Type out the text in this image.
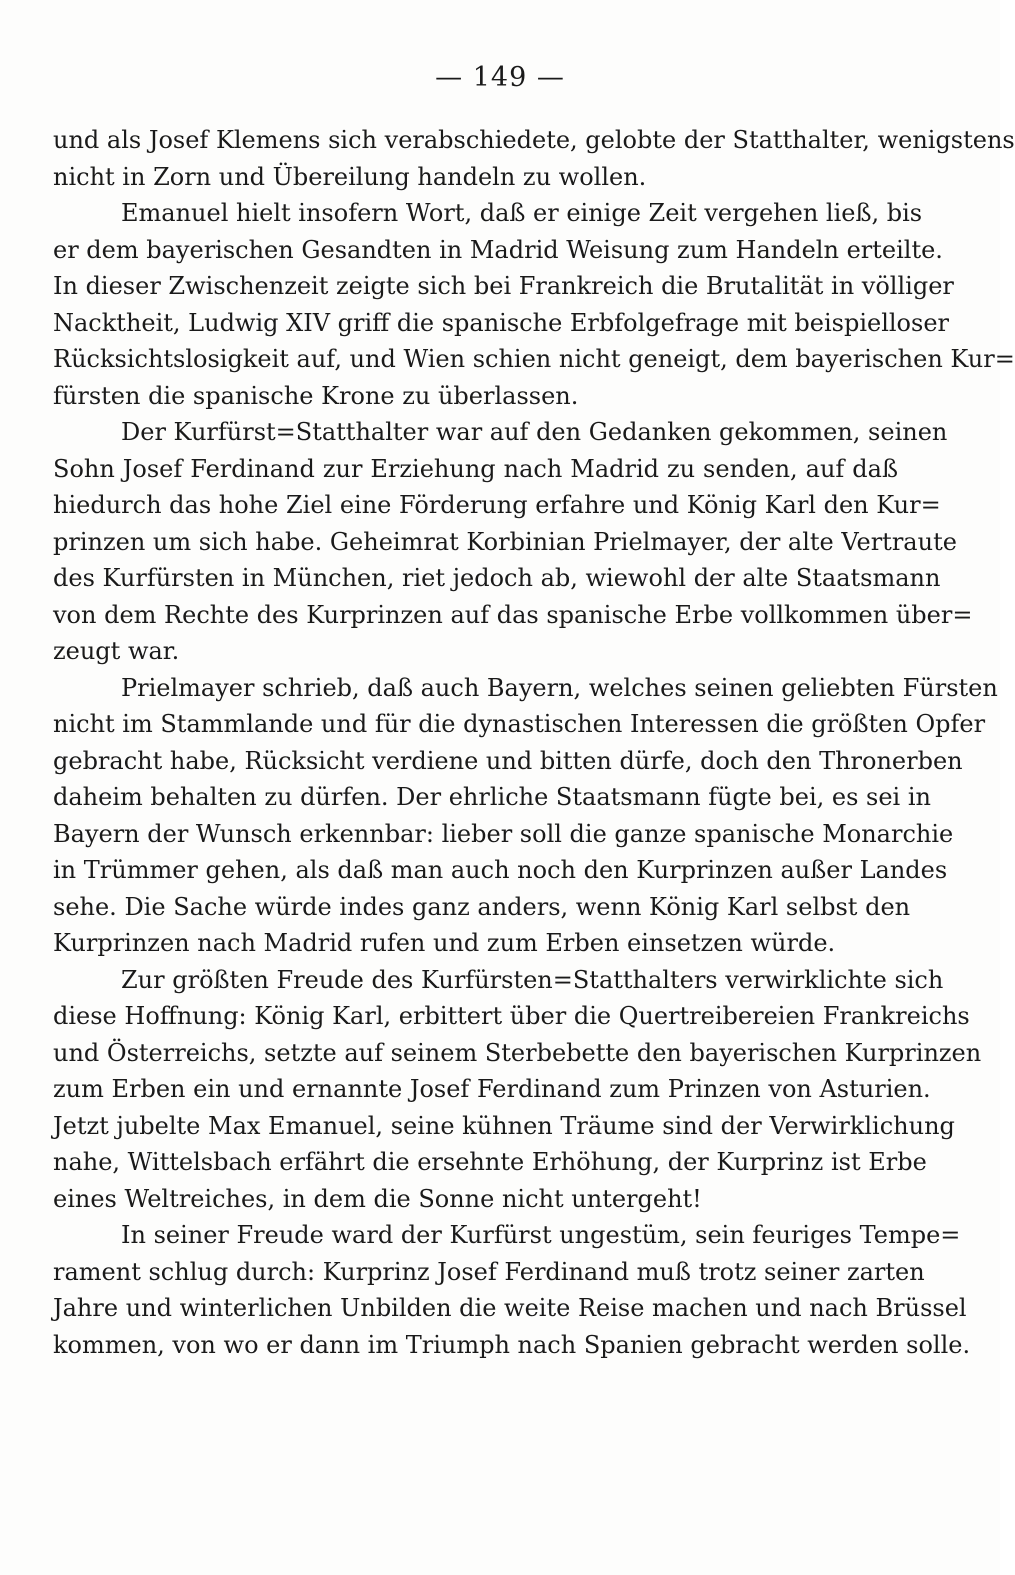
— 149 —
und als Josef Klemens sich verabschiedete, gelobte der Statthalter, wenigstens
nicht in Zorn und Übereilung handeln zu wollen.
Emanuel hielt insofern Wort, daß er einige Zeit vergehen ließ, bis
er dem bayerischen Gesandten in Madrid Weisung zum Handeln erteilte.
In dieser Zwischenzeit zeigte sich bei Frankreich die Brutalität in völliger
Nacktheit, Ludwig XIV griff die spanische Erbfolgefrage mit beispielloser
Rücksichtslosigkeit auf, und Wien schien nicht geneigt, dem bayerischen Kur=
fürsten die spanische Krone zu überlassen.
Der Kurfürst=Statthalter war auf den Gedanken gekommen, seinen
Sohn Josef Ferdinand zur Erziehung nach Madrid zu senden, auf daß
hiedurch das hohe Ziel eine Förderung erfahre und König Karl den Kur=
prinzen um sich habe. Geheimrat Korbinian Prielmayer, der alte Vertraute
des Kurfürsten in München, riet jedoch ab, wiewohl der alte Staatsmann
von dem Rechte des Kurprinzen auf das spanische Erbe vollkommen über=
zeugt war.
Prielmayer schrieb, daß auch Bayern, welches seinen geliebten Fürsten
nicht im Stammlande und für die dynastischen Interessen die größten Opfer
gebracht habe, Rücksicht verdiene und bitten dürfe, doch den Thronerben
daheim behalten zu dürfen. Der ehrliche Staatsmann fügte bei, es sei in
Bayern der Wunsch erkennbar: lieber soll die ganze spanische Monarchie
in Trümmer gehen, als daß man auch noch den Kurprinzen außer Landes
sehe. Die Sache würde indes ganz anders, wenn König Karl selbst den
Kurprinzen nach Madrid rufen und zum Erben einsetzen würde.
Zur größten Freude des Kurfürsten=Statthalters verwirklichte sich
diese Hoffnung: König Karl, erbittert über die Quertreibereien Frankreichs
und Österreichs, setzte auf seinem Sterbebette den bayerischen Kurprinzen
zum Erben ein und ernannte Josef Ferdinand zum Prinzen von Asturien.
Jetzt jubelte Max Emanuel, seine kühnen Träume sind der Verwirklichung
nahe, Wittelsbach erfährt die ersehnte Erhöhung, der Kurprinz ist Erbe
eines Weltreiches, in dem die Sonne nicht untergeht!
In seiner Freude ward der Kurfürst ungestüm, sein feuriges Tempe=
rament schlug durch: Kurprinz Josef Ferdinand muß trotz seiner zarten
Jahre und winterlichen Unbilden die weite Reise machen und nach Brüssel
kommen, von wo er dann im Triumph nach Spanien gebracht werden solle.
